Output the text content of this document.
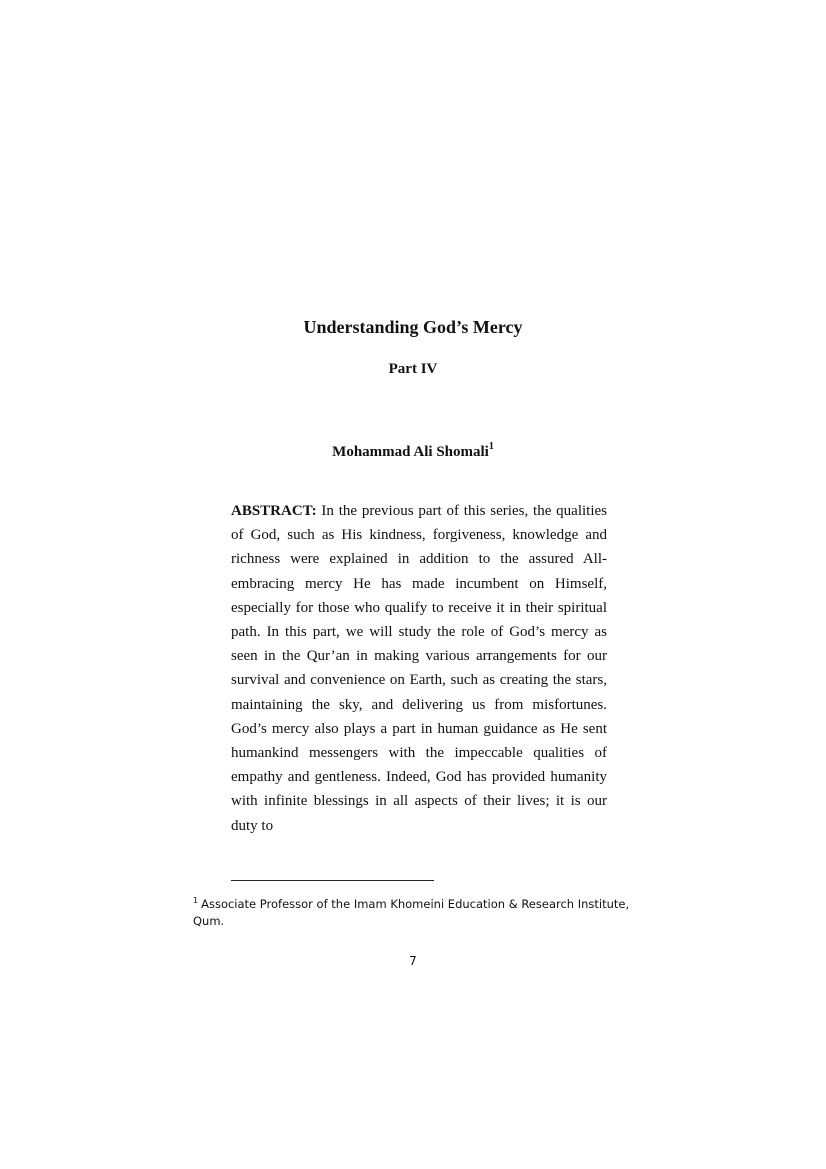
Understanding God’s Mercy
Part IV
Mohammad Ali Shomali$^1$

ABSTRACT: In the previous part of this series, the qualities of God, such as His kindness, forgiveness, knowledge and richness were explained in addition to the assured All-embracing mercy He has made incumbent on Himself, especially for those who qualify to receive it in their spiritual path. In this part, we will study the role of God’s mercy as seen in the Qur’an in making various arrangements for our survival and convenience on Earth, such as creating the stars, maintaining the sky, and delivering us from misfortunes. God’s mercy also plays a part in human guidance as He sent humankind messengers with the impeccable qualities of empathy and gentleness. Indeed, God has provided humanity with infinite blessings in all aspects of their lives; it is our duty to

$^1$ Associate Professor of the Imam Khomeini Education & Research Institute, Qum.

7
